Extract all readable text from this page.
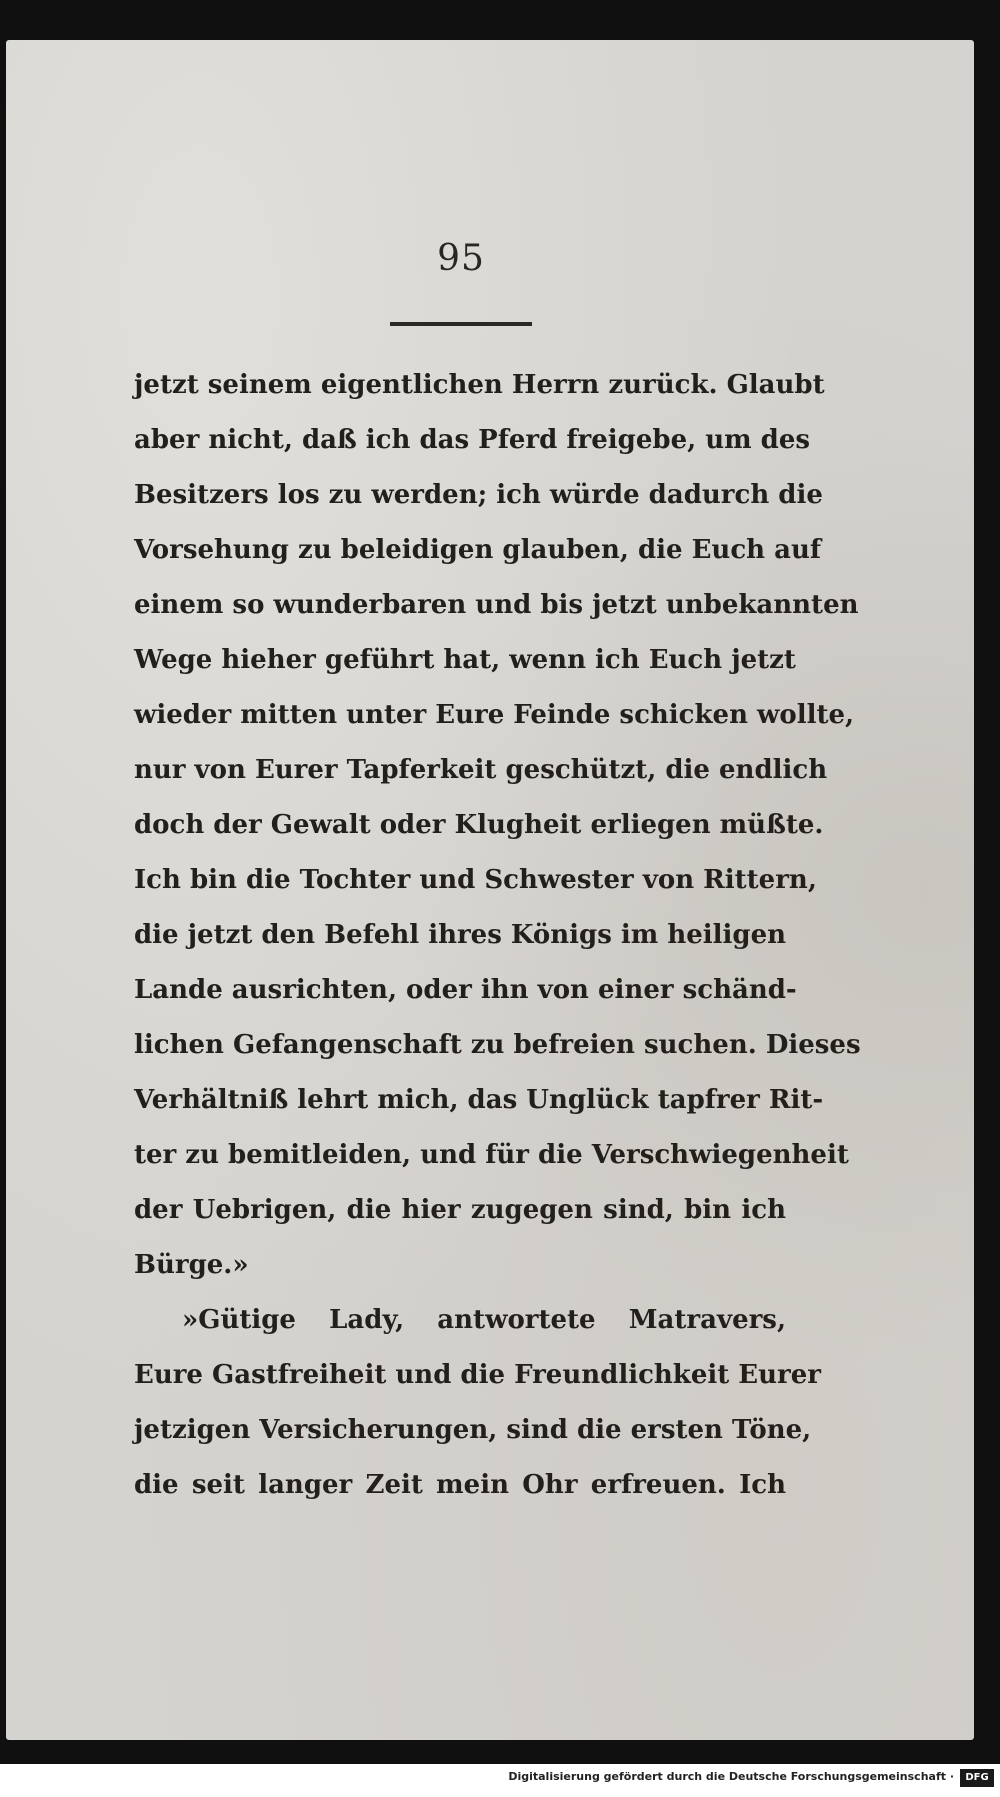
95
jetzt seinem eigentlichen Herrn zurück. Glaubt
aber nicht, daß ich das Pferd freigebe, um des
Besitzers los zu werden; ich würde dadurch die
Vorsehung zu beleidigen glauben, die Euch auf
einem so wunderbaren und bis jetzt unbekannten
Wege hieher geführt hat, wenn ich Euch jetzt
wieder mitten unter Eure Feinde schicken wollte,
nur von Eurer Tapferkeit geschützt, die endlich
doch der Gewalt oder Klugheit erliegen müßte.
Ich bin die Tochter und Schwester von Rittern,
die jetzt den Befehl ihres Königs im heiligen
Lande ausrichten, oder ihn von einer schänd-
lichen Gefangenschaft zu befreien suchen. Dieses
Verhältniß lehrt mich, das Unglück tapfrer Rit-
ter zu bemitleiden, und für die Verschwiegenheit
der Uebrigen, die hier zugegen sind, bin ich
Bürge.»
»Gütige Lady, antwortete Matravers,
Eure Gastfreiheit und die Freundlichkeit Eurer
jetzigen Versicherungen, sind die ersten Töne,
die seit langer Zeit mein Ohr erfreuen. Ich
Digitalisierung gefördert durch die Deutsche Forschungsgemeinschaft ·	DFG
